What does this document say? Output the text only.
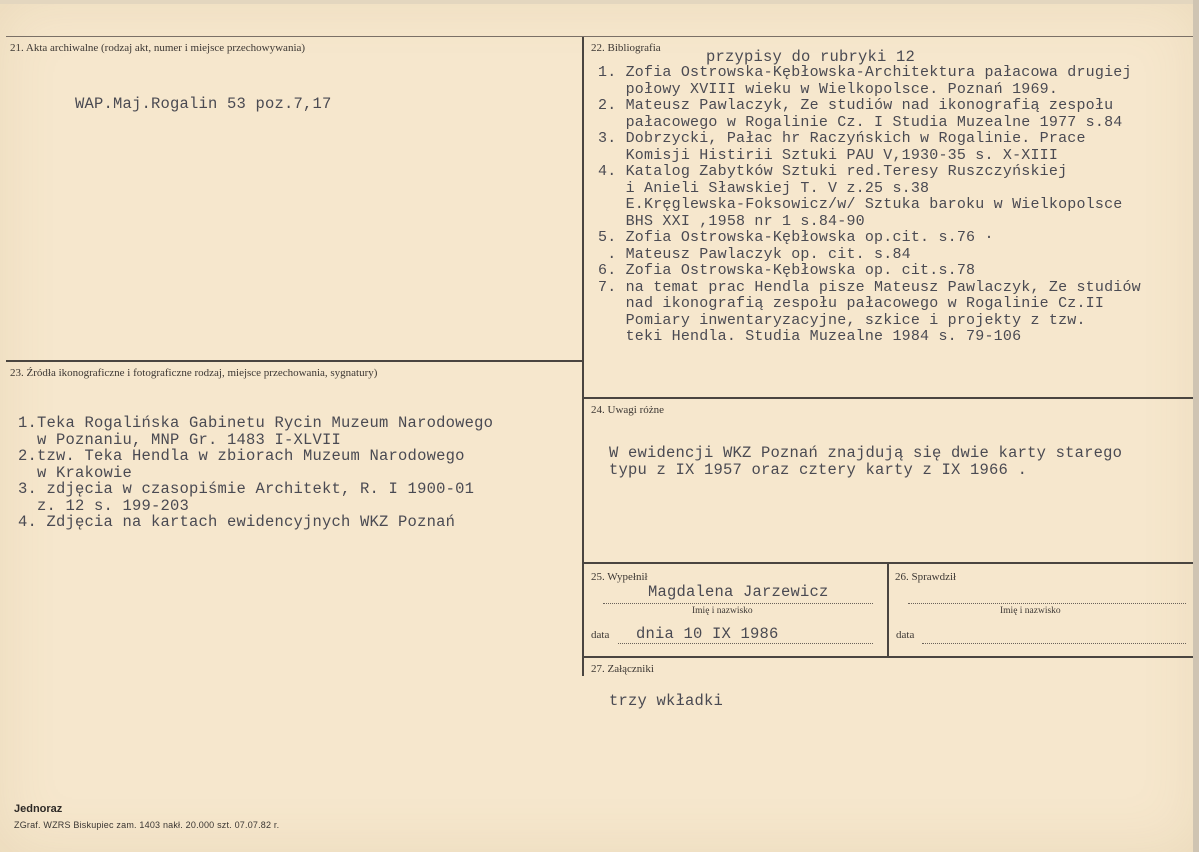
21. Akta archiwalne (rodzaj akt, numer i miejsce przechowywania)
WAP.Maj.Rogalin 53 poz.7,17
22. Bibliografia	przypisy do rubryki 12
1. Zofia Ostrowska-Kębłowska-Architektura pałacowa drugiej
połowy XVIII wieku w Wielkopolsce. Poznań 1969.
2. Mateusz Pawlaczyk, Ze studiów nad ikonografią zespołu
pałacowego w Rogalinie Cz. I Studia Muzealne 1977 s.84
3. Dobrzycki, Pałac hr Raczyńskich w Rogalinie. Prace
Komisji Histirii Sztuki PAU V,1930-35 s. X-XIII
4. Katalog Zabytków Sztuki red.Teresy Ruszczyńskiej
i Anieli Sławskiej T. V z.25 s.38
E.Kręglewska-Foksowicz/w/ Sztuka baroku w Wielkopolsce
BHS XXI ,1958 nr 1 s.84-90
5. Zofia Ostrowska-Kębłowska op.cit. s.76 ·
. Mateusz Pawlaczyk op. cit. s.84
6. Zofia Ostrowska-Kębłowska op. cit.s.78
7. na temat prac Hendla pisze Mateusz Pawlaczyk, Ze studiów
nad ikonografią zespołu pałacowego w Rogalinie Cz.II
Pomiary inwentaryzacyjne, szkice i projekty z tzw.
teki Hendla. Studia Muzealne 1984 s. 79-106
23. Źródła ikonograficzne i fotograficzne rodzaj, miejsce przechowania, sygnatury)
1.Teka Rogalińska Gabinetu Rycin Muzeum Narodowego
w Poznaniu, MNP Gr. 1483 I-XLVII
2.tzw. Teka Hendla w zbiorach Muzeum Narodowego
w Krakowie
3. zdjęcia w czasopiśmie Architekt, R. I 1900-01
z. 12 s. 199-203
4. Zdjęcia na kartach ewidencyjnych WKZ Poznań
24. Uwagi różne
W ewidencji WKZ Poznań znajdują się dwie karty starego
typu z IX 1957 oraz cztery karty z IX 1966 .
25. Wypełnił
Magdalena Jarzewicz
Imię i nazwisko
data dnia 10 IX 1986
26. Sprawdził
Imię i nazwisko
data
27. Załączniki
trzy wkładki
Jednoraz
ZGraf. WZRS Biskupiec zam. 1403 nakł. 20.000 szt. 07.07.82 r.
